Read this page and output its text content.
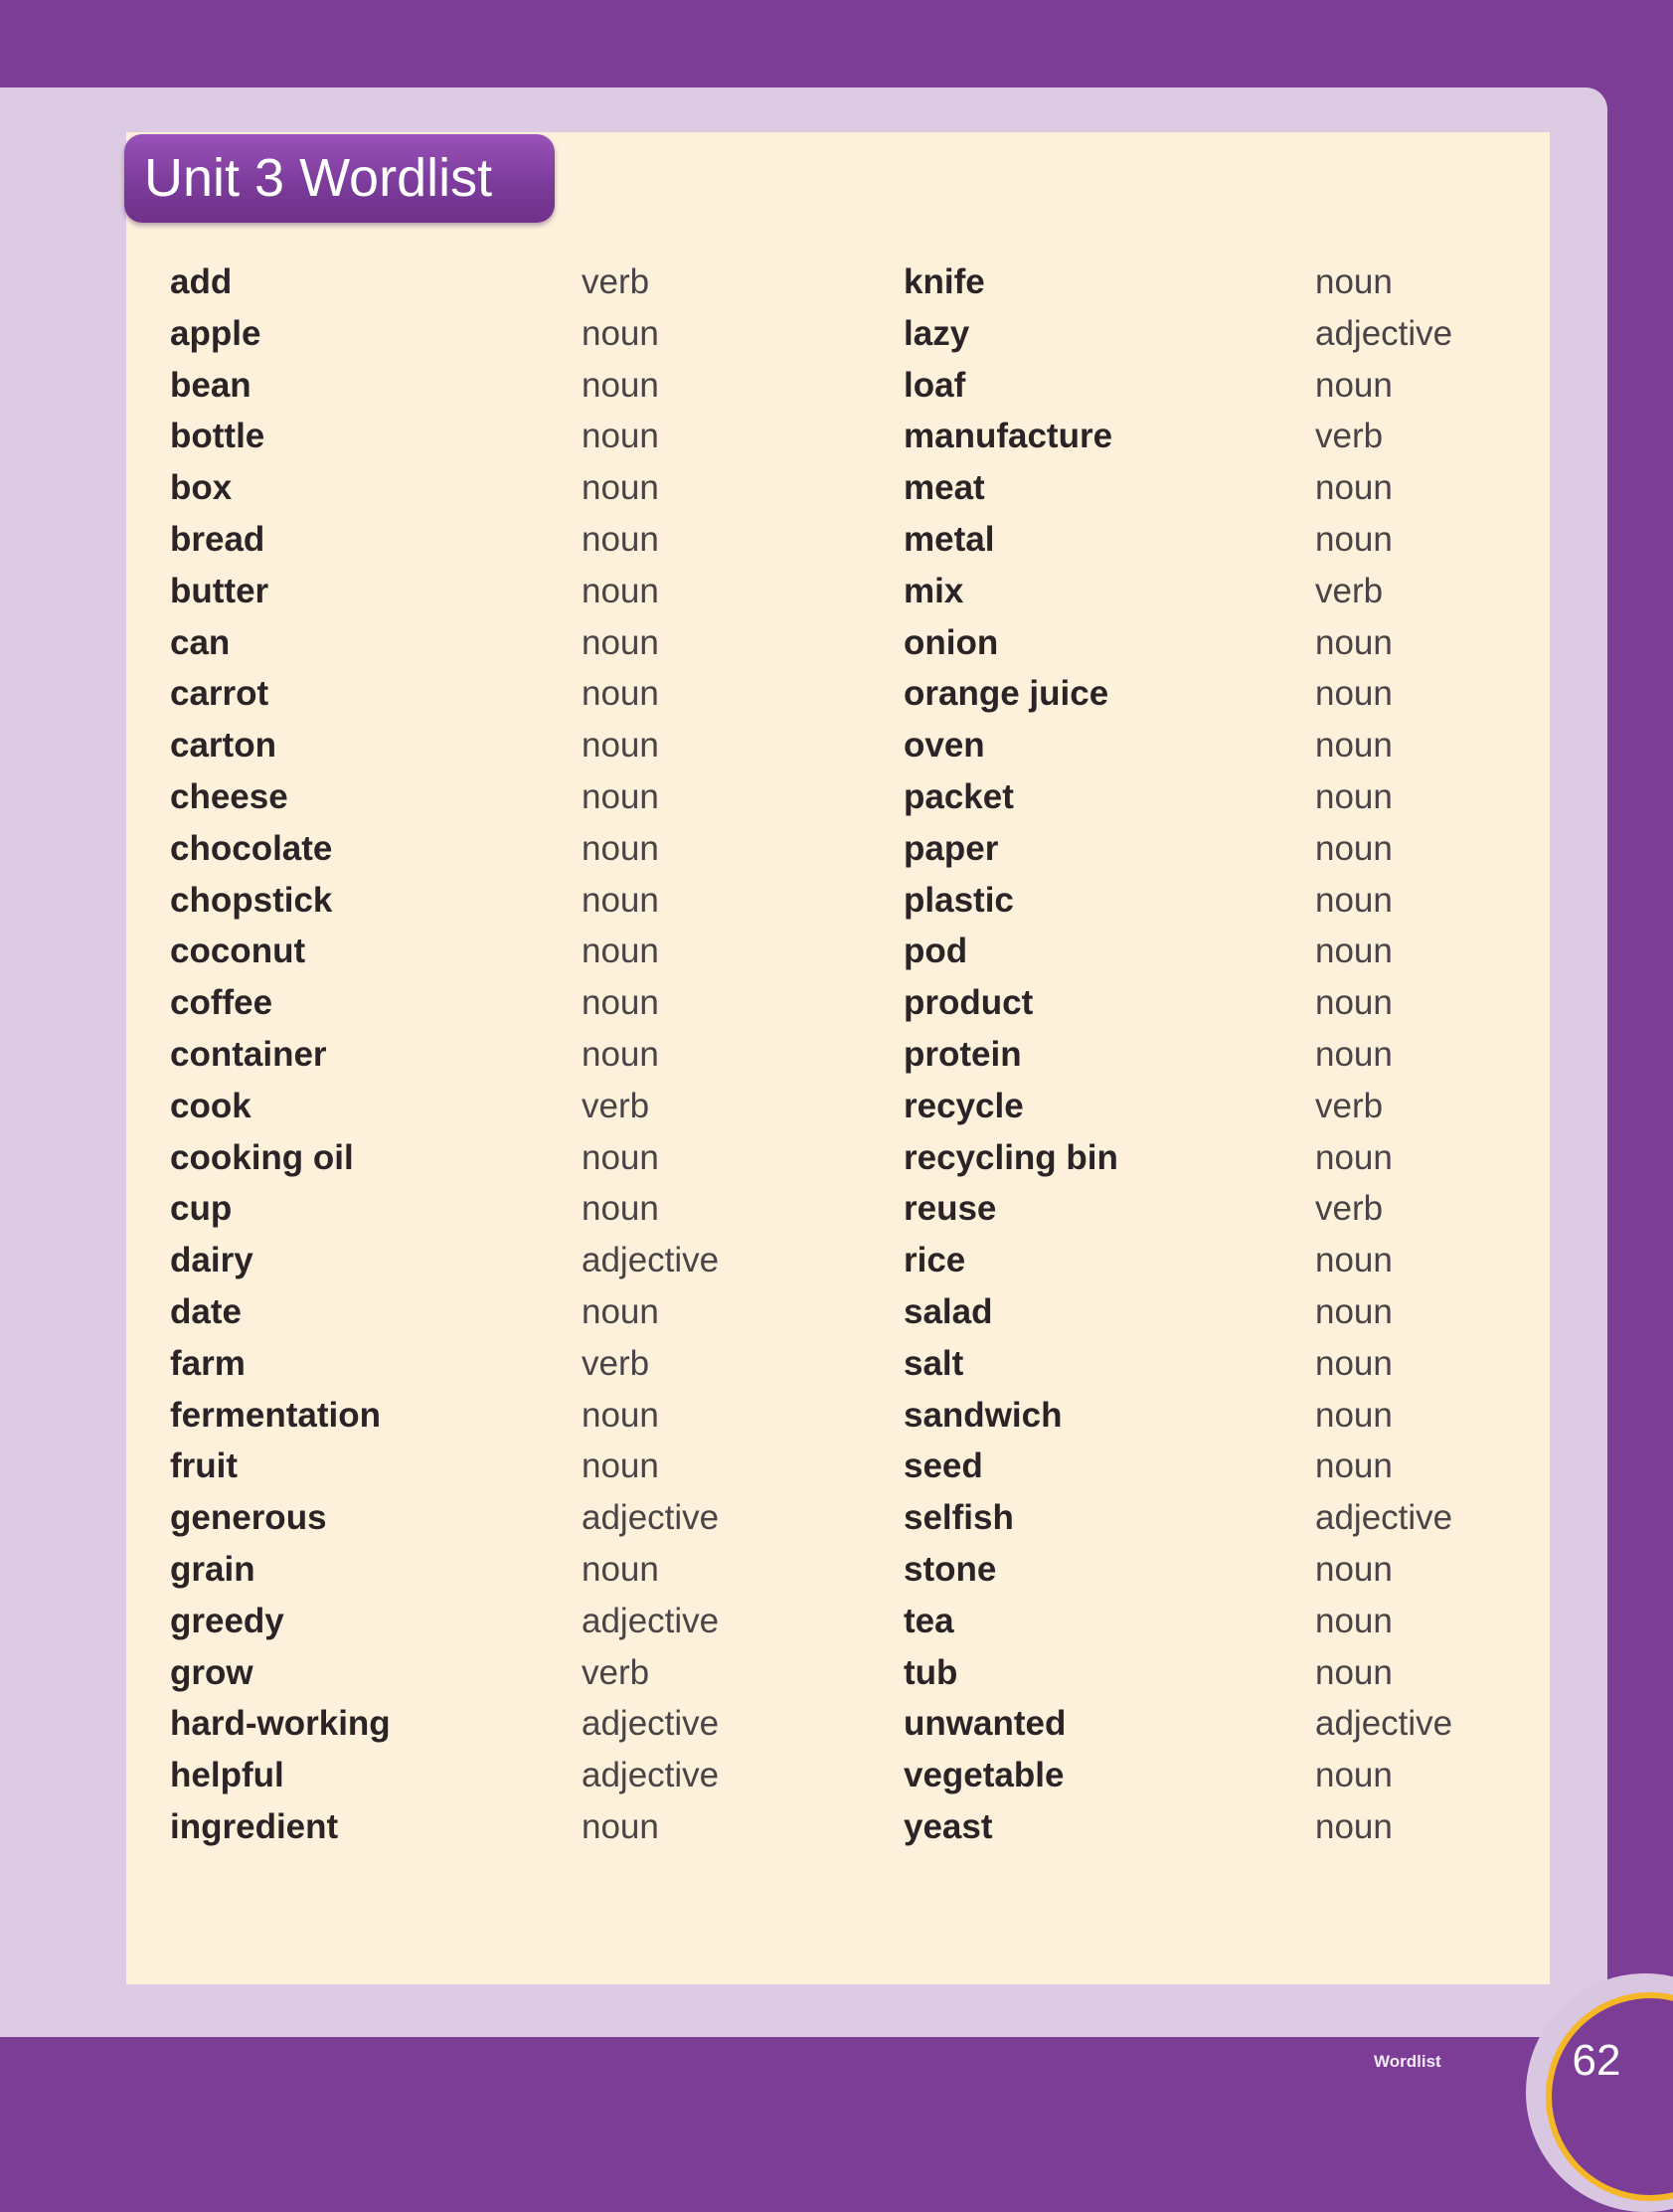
Unit 3 Wordlist
add	verb
apple	noun
bean	noun
bottle	noun
box	noun
bread	noun
butter	noun
can	noun
carrot	noun
carton	noun
cheese	noun
chocolate	noun
chopstick	noun
coconut	noun
coffee	noun
container	noun
cook	verb
cooking oil	noun
cup	noun
dairy	adjective
date	noun
farm	verb
fermentation	noun
fruit	noun
generous	adjective
grain	noun
greedy	adjective
grow	verb
hard-working	adjective
helpful	adjective
ingredient	noun
knife	noun
lazy	adjective
loaf	noun
manufacture	verb
meat	noun
metal	noun
mix	verb
onion	noun
orange juice	noun
oven	noun
packet	noun
paper	noun
plastic	noun
pod	noun
product	noun
protein	noun
recycle	verb
recycling bin	noun
reuse	verb
rice	noun
salad	noun
salt	noun
sandwich	noun
seed	noun
selfish	adjective
stone	noun
tea	noun
tub	noun
unwanted	adjective
vegetable	noun
yeast	noun
Wordlist	62
